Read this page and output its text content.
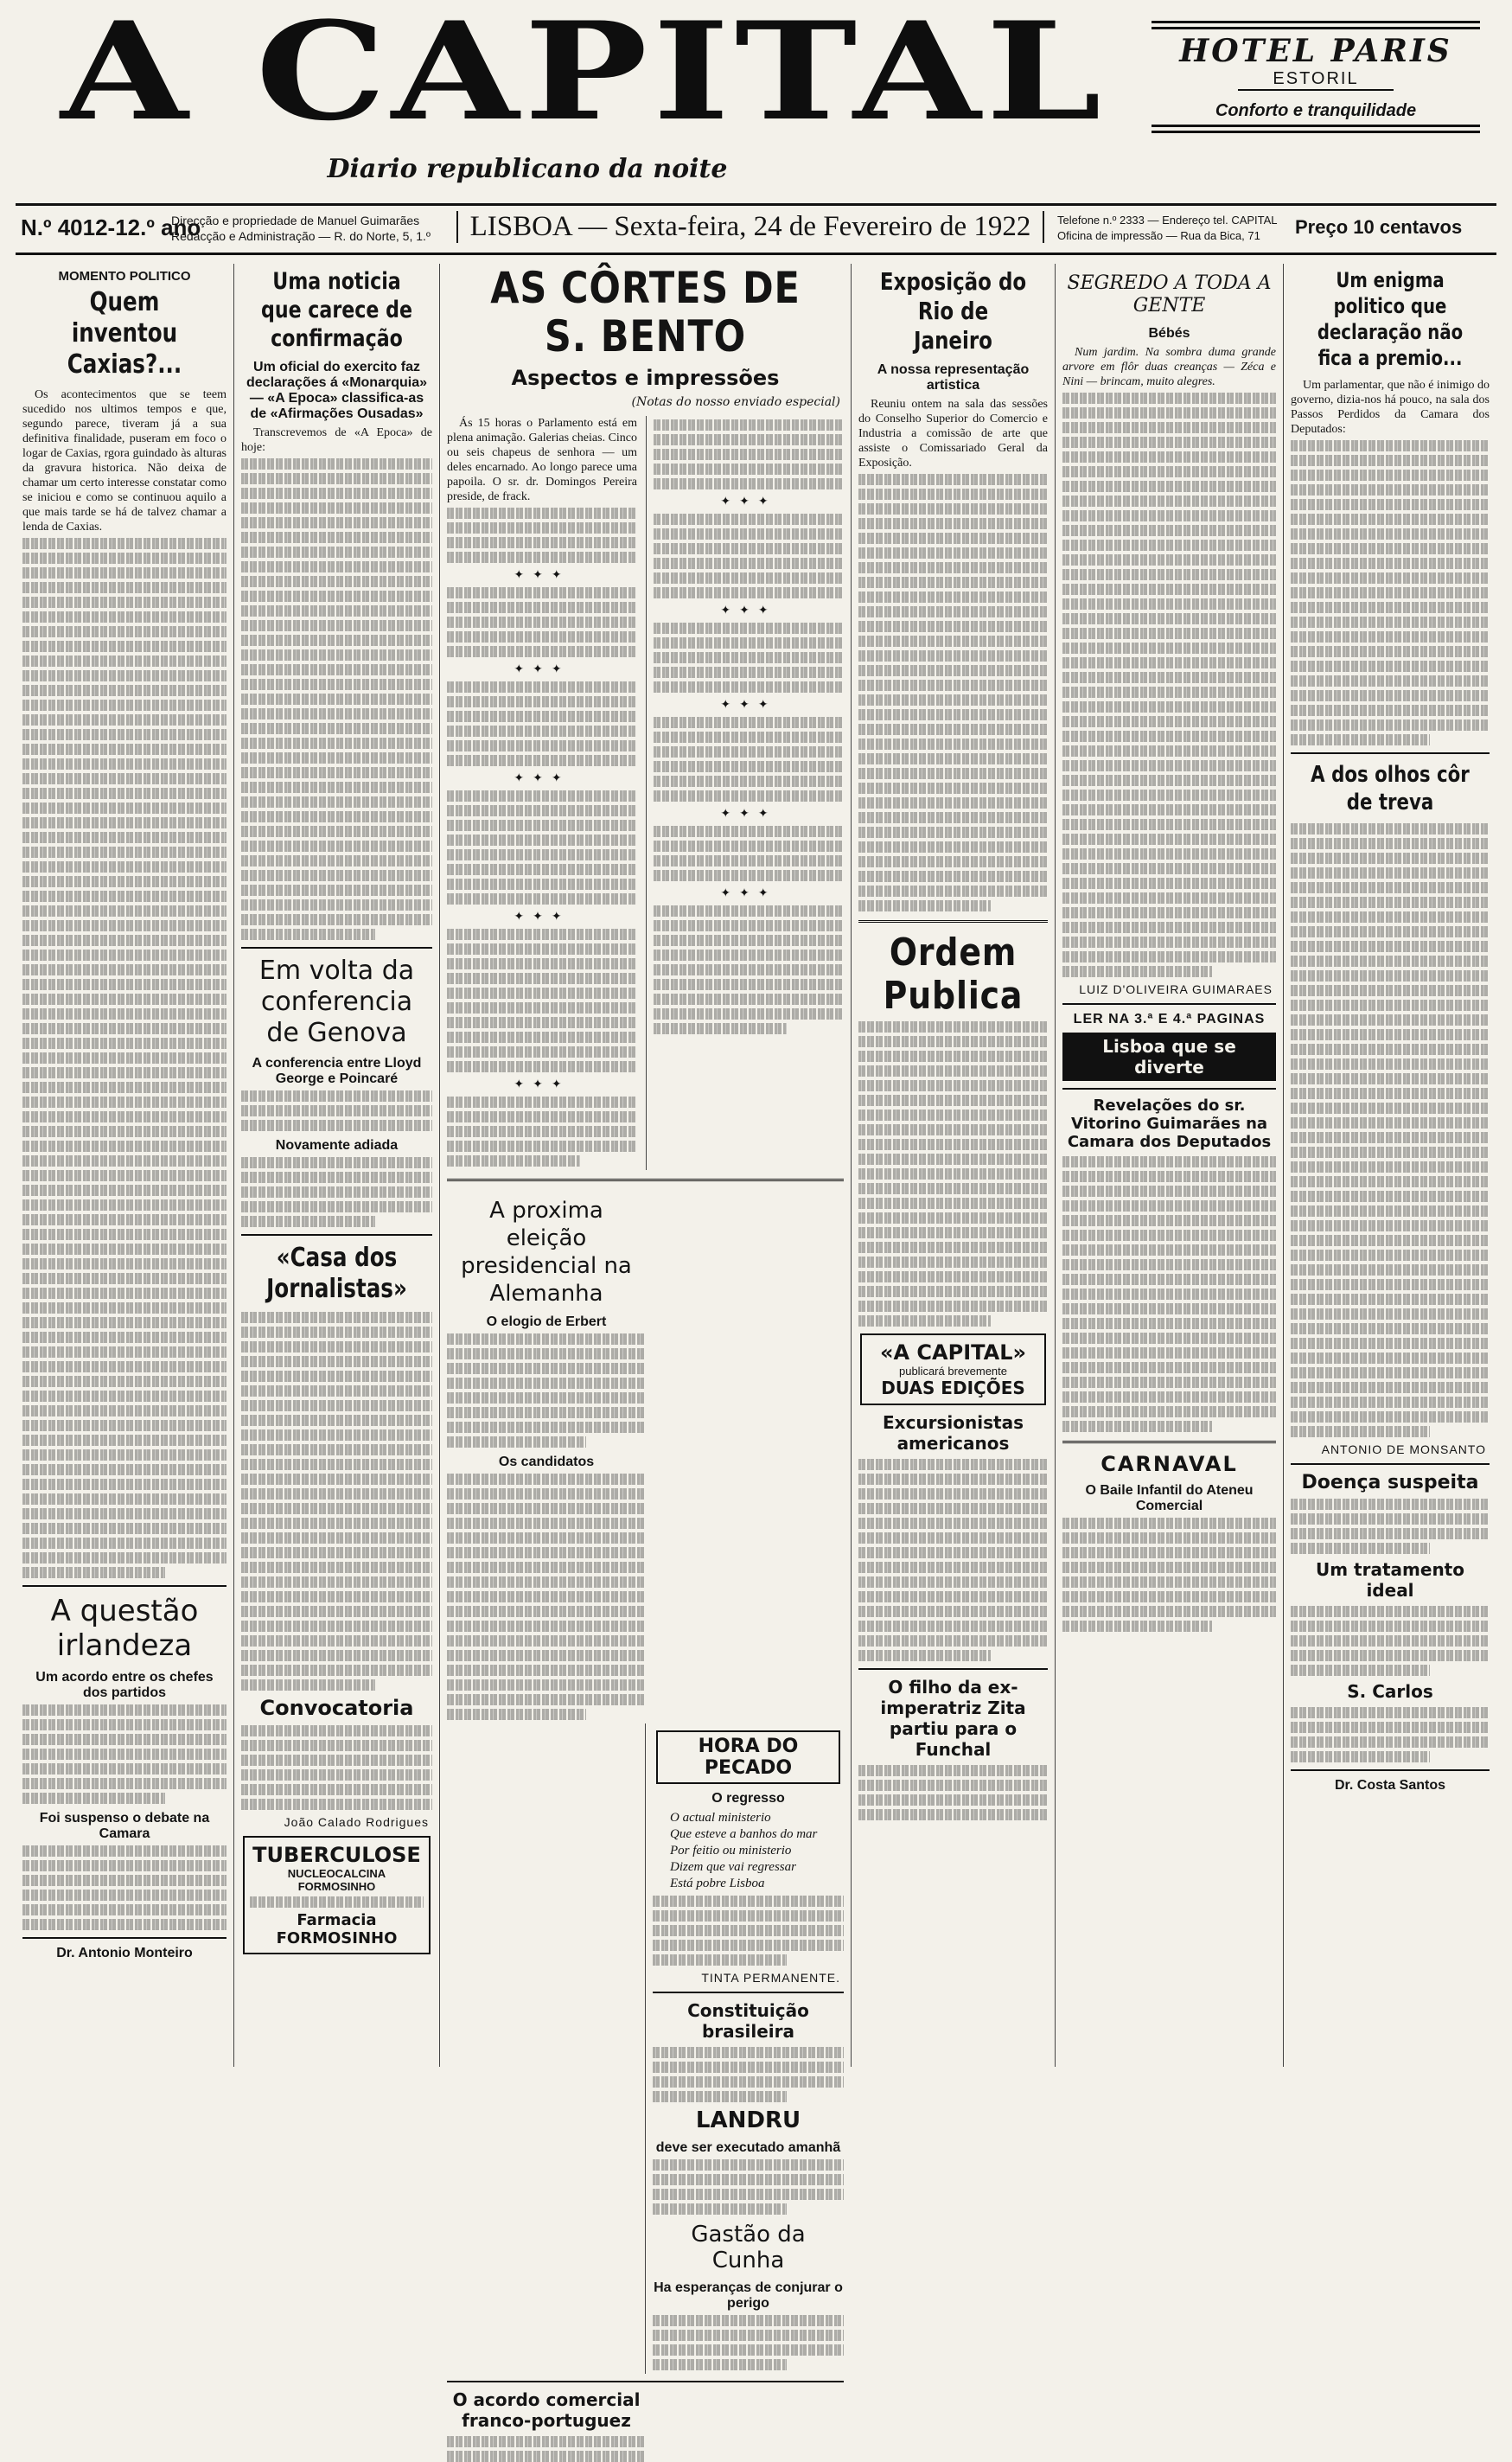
A CAPITAL
Diario republicano da noite
HOTEL PARIS
ESTORIL
Conforto e tranquilidade
N.º 4012-12.º ano
Direcção e propriedade de Manuel Guimarães
Redacção e Administração — R. do Norte, 5, 1.º	LISBOA — Sexta-feira, 24 de Fevereiro de 1922	Telefone n.º 2333 — Endereço tel. CAPITAL
Oficina de impressão — Rua da Bica, 71	Preço 10 centavos
MOMENTO POLITICO
Quem inventou Caxias?...
Os acontecimentos que se teem sucedido nos ultimos tempos e que, segundo parece, tiveram já a sua definitiva finalidade, puseram em foco o logar de Caxias, rgora guindado às alturas da gravura historica. Não deixa de chamar um certo interesse constatar como se iniciou e como se continuou aquilo a que mais tarde se há de talvez chamar a lenda de Caxias.
A questão irlandeza
Um acordo entre os chefes dos partidos
Foi suspenso o debate na Camara
Dr. Antonio Monteiro
Uma noticia que carece de confirmação
Um oficial do exercito faz declarações á «Monarquia» — «A Epoca» classifica-as de «Afirmações Ousadas»
Transcrevemos de «A Epoca» de hoje:
Em volta da conferencia de Genova
A conferencia entre Lloyd George e Poincaré
Novamente adiada
«Casa dos Jornalistas»
Convocatoria
João Calado Rodrigues
TUBERCULOSE
NUCLEOCALCINA FORMOSINHO
Farmacia FORMOSINHO
AS CÔRTES DE S. BENTO
Aspectos e impressões
(Notas do nosso enviado especial)
Ás 15 horas o Parlamento está em plena animação. Galerias cheias. Cinco ou seis chapeus de senhora — um deles encarnado. Ao longo parece uma papoila. O sr. dr. Domingos Pereira preside, de frack.
✦✦✦
✦✦✦
✦✦✦
✦✦✦
✦✦✦
✦✦✦
✦✦✦
✦✦✦
✦✦✦
✦✦✦
A proxima eleição presidencial na Alemanha
O elogio de Erbert
Os candidatos
HORA DO PECADO
O regresso
O actual ministerio
Que esteve a banhos do mar
Por feitio ou ministerio
Dizem que vai regressar
Está pobre Lisboa
TINTA PERMANENTE.
Constituição brasileira
LANDRU
deve ser executado amanhã
Gastão da Cunha
Ha esperanças de conjurar o perigo
O acordo comercial franco-portuguez
Exposição do Rio de Janeiro
A nossa representação artistica
Reuniu ontem na sala das sessões do Conselho Superior do Comercio e Industria a comissão de arte que assiste o Comissariado Geral da Exposição.
Ordem Publica
«A CAPITAL»
publicará brevemente
DUAS EDIÇÕES
Excursionistas americanos
O filho da ex-imperatriz Zita partiu para o Funchal
SEGREDO A TODA A GENTE
Bébés
Num jardim. Na sombra duma grande arvore em flôr duas creanças — Zéca e Nini — brincam, muito alegres.
LUIZ D'OLIVEIRA GUIMARAES
LER NA 3.ª E 4.ª PAGINAS
Lisboa que se diverte
Revelações do sr. Vitorino Guimarães na Camara dos Deputados
CARNAVAL
O Baile Infantil do Ateneu Comercial
Um enigma politico que declaração não fica a premio...
Um parlamentar, que não é inimigo do governo, dizia-nos há pouco, na sala dos Passos Perdidos da Camara dos Deputados:
A dos olhos côr de treva
ANTONIO DE MONSANTO
Doença suspeita
Um tratamento ideal
S. Carlos
Dr. Costa Santos
